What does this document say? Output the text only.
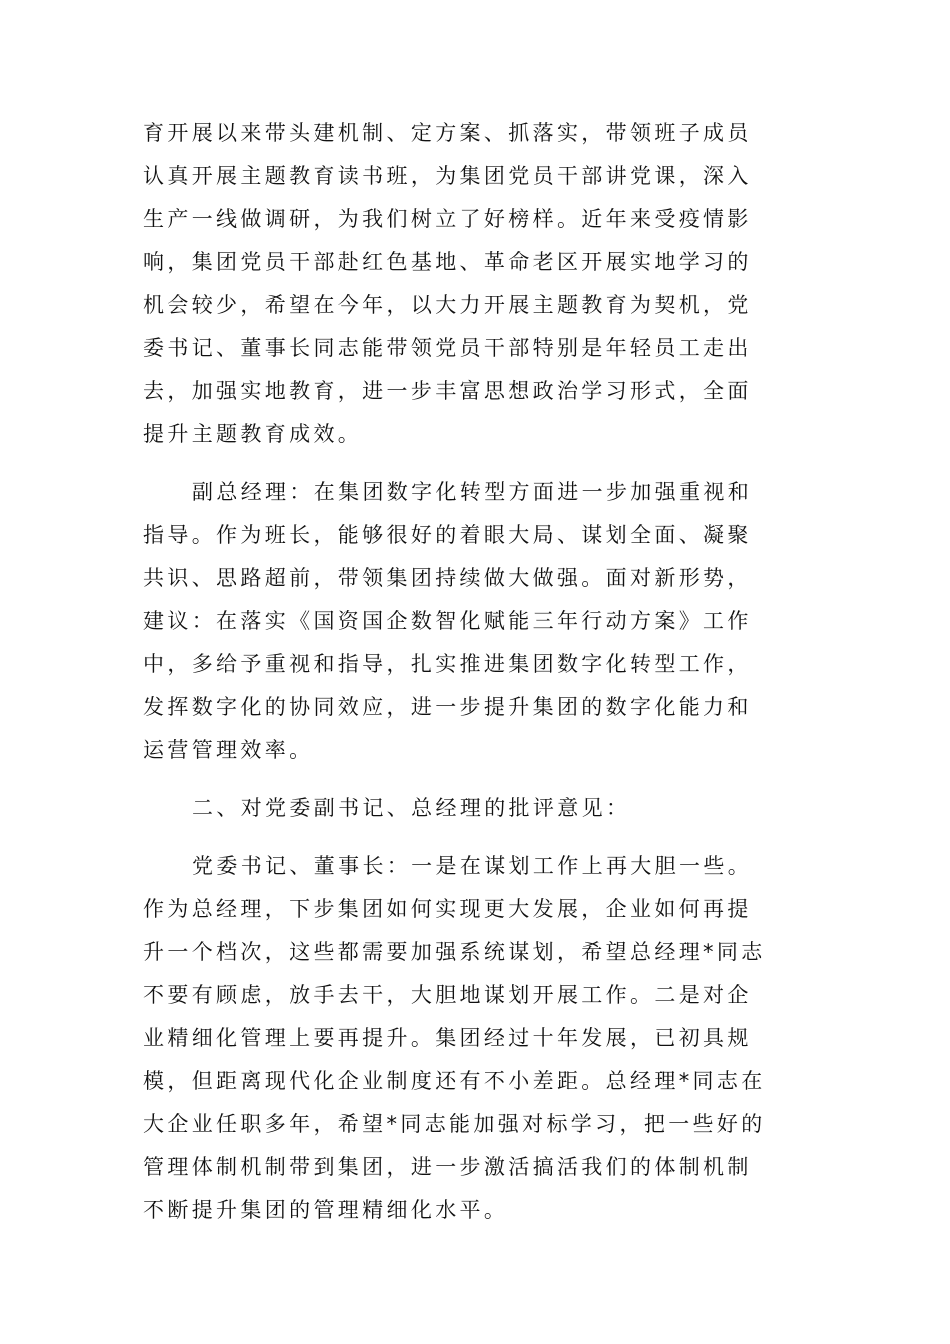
育开展以来带头建机制、定方案、抓落实，带领班子成员
认真开展主题教育读书班，为集团党员干部讲党课，深入
生产一线做调研，为我们树立了好榜样。近年来受疫情影
响，集团党员干部赴红色基地、革命老区开展实地学习的
机会较少，希望在今年，以大力开展主题教育为契机，党
委书记、董事长同志能带领党员干部特别是年轻员工走出
去，加强实地教育，进一步丰富思想政治学习形式，全面
提升主题教育成效。
副总经理：在集团数字化转型方面进一步加强重视和
指导。作为班长，能够很好的着眼大局、谋划全面、凝聚
共识、思路超前，带领集团持续做大做强。面对新形势，
建议：在落实《国资国企数智化赋能三年行动方案》工作
中，多给予重视和指导，扎实推进集团数字化转型工作，
发挥数字化的协同效应，进一步提升集团的数字化能力和
运营管理效率。
二、对党委副书记、总经理的批评意见：
党委书记、董事长：一是在谋划工作上再大胆一些。
作为总经理，下步集团如何实现更大发展，企业如何再提
升一个档次，这些都需要加强系统谋划，希望总经理*同志
不要有顾虑，放手去干，大胆地谋划开展工作。二是对企
业精细化管理上要再提升。集团经过十年发展，已初具规
模，但距离现代化企业制度还有不小差距。总经理*同志在
大企业任职多年，希望*同志能加强对标学习，把一些好的
管理体制机制带到集团，进一步激活搞活我们的体制机制
不断提升集团的管理精细化水平。
